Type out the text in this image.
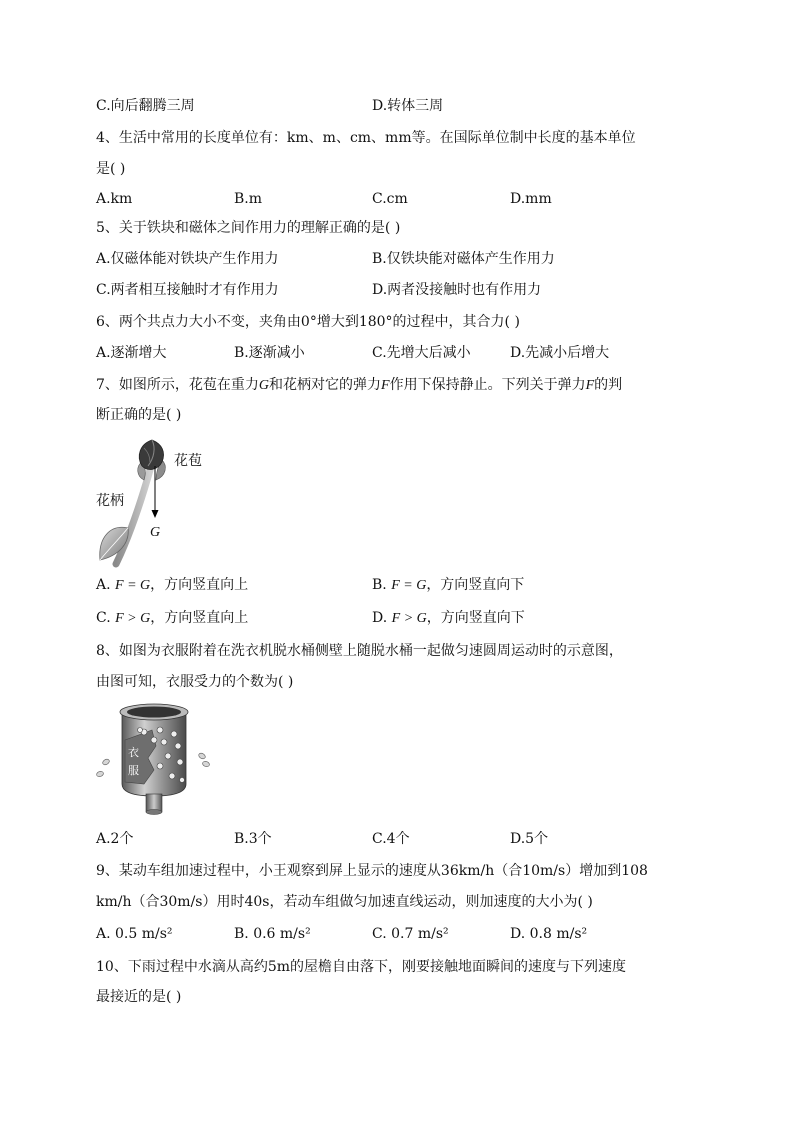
C.向后翻腾三周	D.转体三周
4、生活中常用的长度单位有：km、m、cm、mm等。在国际单位制中长度的基本单位
是( )
A.km	B.m	C.cm	D.mm
5、关于铁块和磁体之间作用力的理解正确的是( )
A.仅磁体能对铁块产生作用力	B.仅铁块能对磁体产生作用力
C.两者相互接触时才有作用力	D.两者没接触时也有作用力
6、两个共点力大小不变，夹角由0°增大到180°的过程中，其合力( )
A.逐渐增大	B.逐渐减小	C.先增大后减小	D.先减小后增大
7、如图所示，花苞在重力G和花柄对它的弹力F作用下保持静止。下列关于弹力F的判
断正确的是( )
花苞
花柄
G
A. F = G，方向竖直向上	B. F = G，方向竖直向下
C. F > G，方向竖直向上	D. F > G，方向竖直向下
8、如图为衣服附着在洗衣机脱水桶侧壁上随脱水桶一起做匀速圆周运动时的示意图，
由图可知，衣服受力的个数为( )
衣
服
A.2个	B.3个	C.4个	D.5个
9、某动车组加速过程中，小王观察到屏上显示的速度从36km/h（合10m/s）增加到108
km/h（合30m/s）用时40s，若动车组做匀加速直线运动，则加速度的大小为( )
A. 0.5 m/s²	B. 0.6 m/s²	C. 0.7 m/s²	D. 0.8 m/s²
10、下雨过程中水滴从高约5m的屋檐自由落下，刚要接触地面瞬间的速度与下列速度
最接近的是( )
